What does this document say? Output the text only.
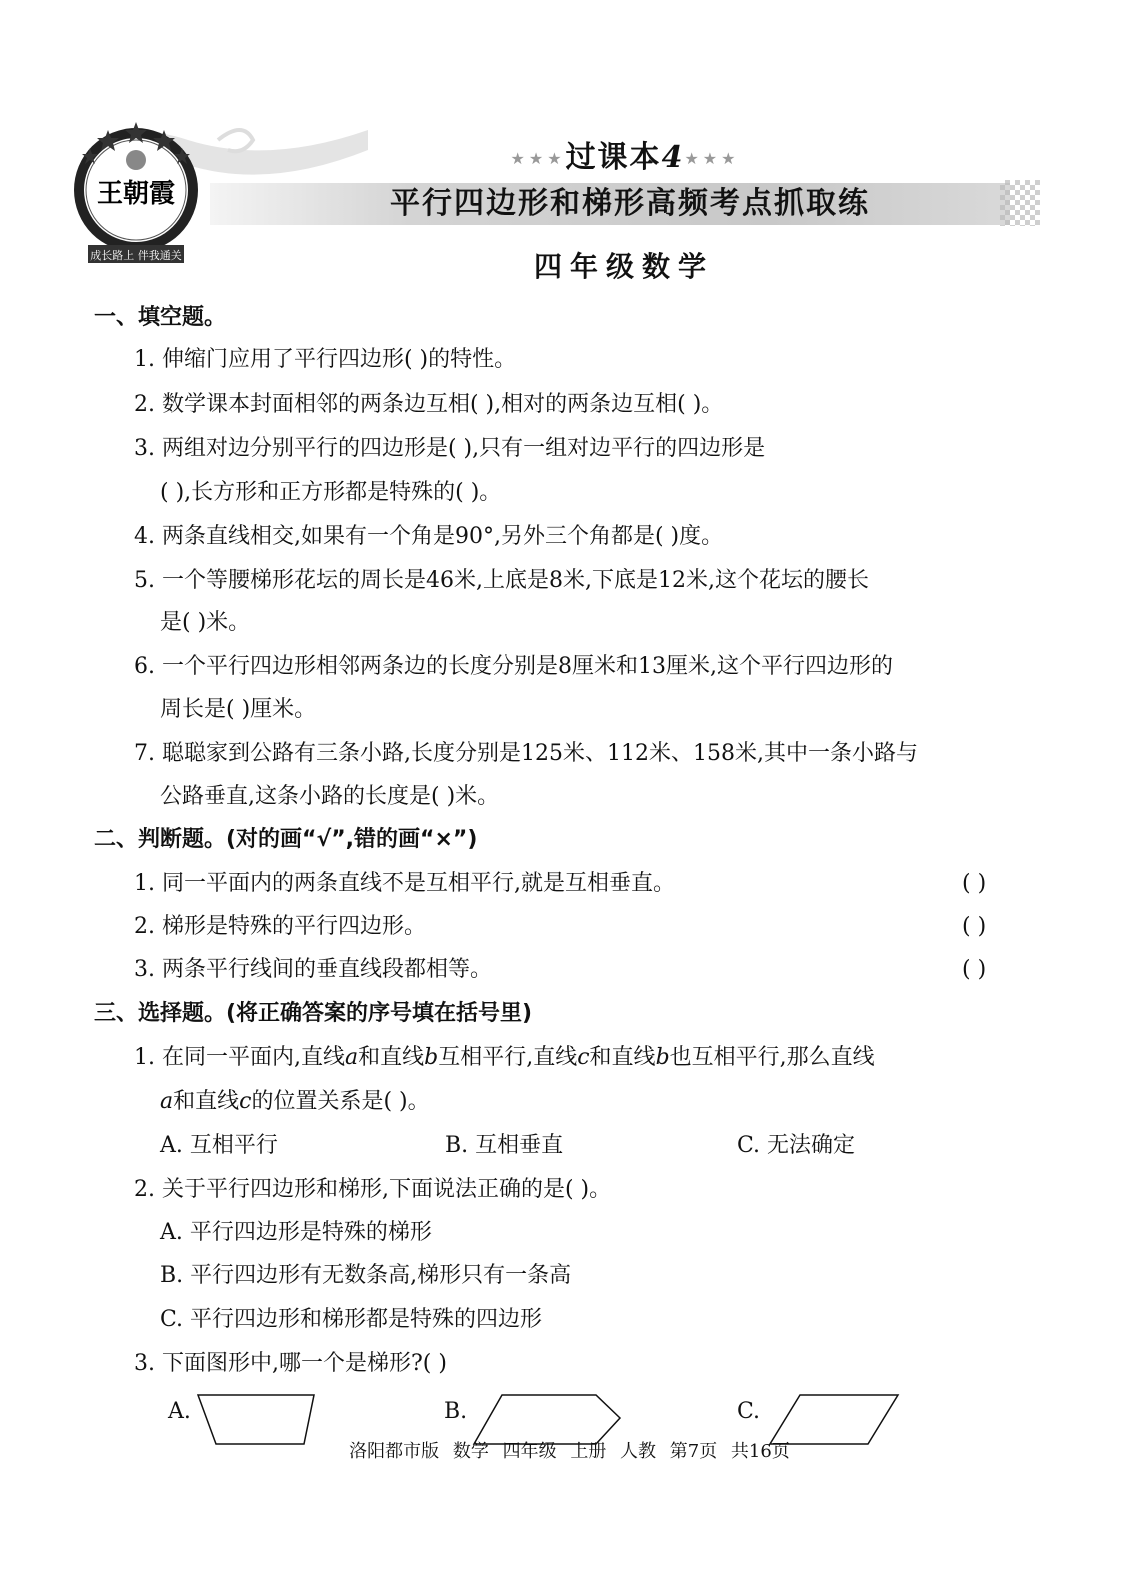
王朝霞
成长路上 伴我通关
★★★过课本4★★★
平行四边形和梯形高频考点抓取练
四年级数学
一、填空题。
1. 伸缩门应用了平行四边形( )的特性。
2. 数学课本封面相邻的两条边互相( ),相对的两条边互相( )。
3. 两组对边分别平行的四边形是( ),只有一组对边平行的四边形是
( ),长方形和正方形都是特殊的( )。
4. 两条直线相交,如果有一个角是90°,另外三个角都是( )度。
5. 一个等腰梯形花坛的周长是46米,上底是8米,下底是12米,这个花坛的腰长
是( )米。
6. 一个平行四边形相邻两条边的长度分别是8厘米和13厘米,这个平行四边形的
周长是( )厘米。
7. 聪聪家到公路有三条小路,长度分别是125米、112米、158米,其中一条小路与
公路垂直,这条小路的长度是( )米。
二、判断题。(对的画“√”,错的画“×”)
1. 同一平面内的两条直线不是互相平行,就是互相垂直。	( )
2. 梯形是特殊的平行四边形。	( )
3. 两条平行线间的垂直线段都相等。	( )
三、选择题。(将正确答案的序号填在括号里)
1. 在同一平面内,直线a和直线b互相平行,直线c和直线b也互相平行,那么直线
a和直线c的位置关系是( )。
A. 互相平行	B. 互相垂直	C. 无法确定
2. 关于平行四边形和梯形,下面说法正确的是( )。
A. 平行四边形是特殊的梯形
B. 平行四边形有无数条高,梯形只有一条高
C. 平行四边形和梯形都是特殊的四边形
3. 下面图形中,哪一个是梯形?( )
A.	B.	C.
洛阳都市版 数学 四年级 上册 人教 第7页 共16页
